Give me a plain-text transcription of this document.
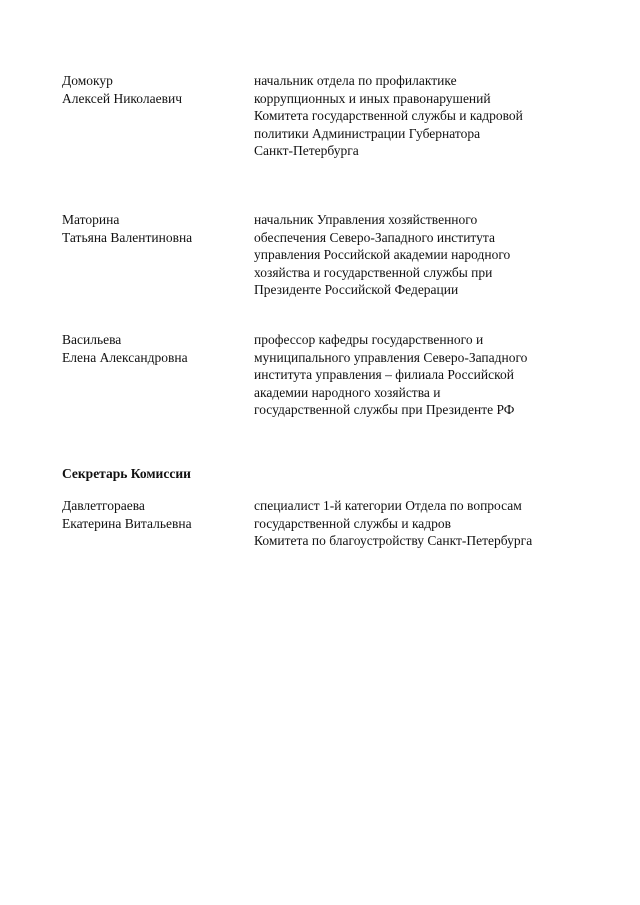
Домокур
Алексей Николаевич
начальник отдела по профилактике
коррупционных и иных правонарушений
Комитета государственной службы и кадровой
политики Администрации Губернатора
Санкт-Петербурга
Маторина
Татьяна Валентиновна
начальник Управления хозяйственного
обеспечения Северо-Западного института
управления Российской академии народного
хозяйства и государственной службы при
Президенте Российской Федерации
Васильева
Елена Александровна
профессор кафедры государственного и
муниципального управления Северо-Западного
института управления – филиала Российской
академии народного хозяйства и
государственной службы при Президенте РФ
Секретарь Комиссии
Давлетгораева
Екатерина Витальевна
специалист 1-й категории Отдела по вопросам
государственной службы и кадров
Комитета по благоустройству Санкт-Петербурга
